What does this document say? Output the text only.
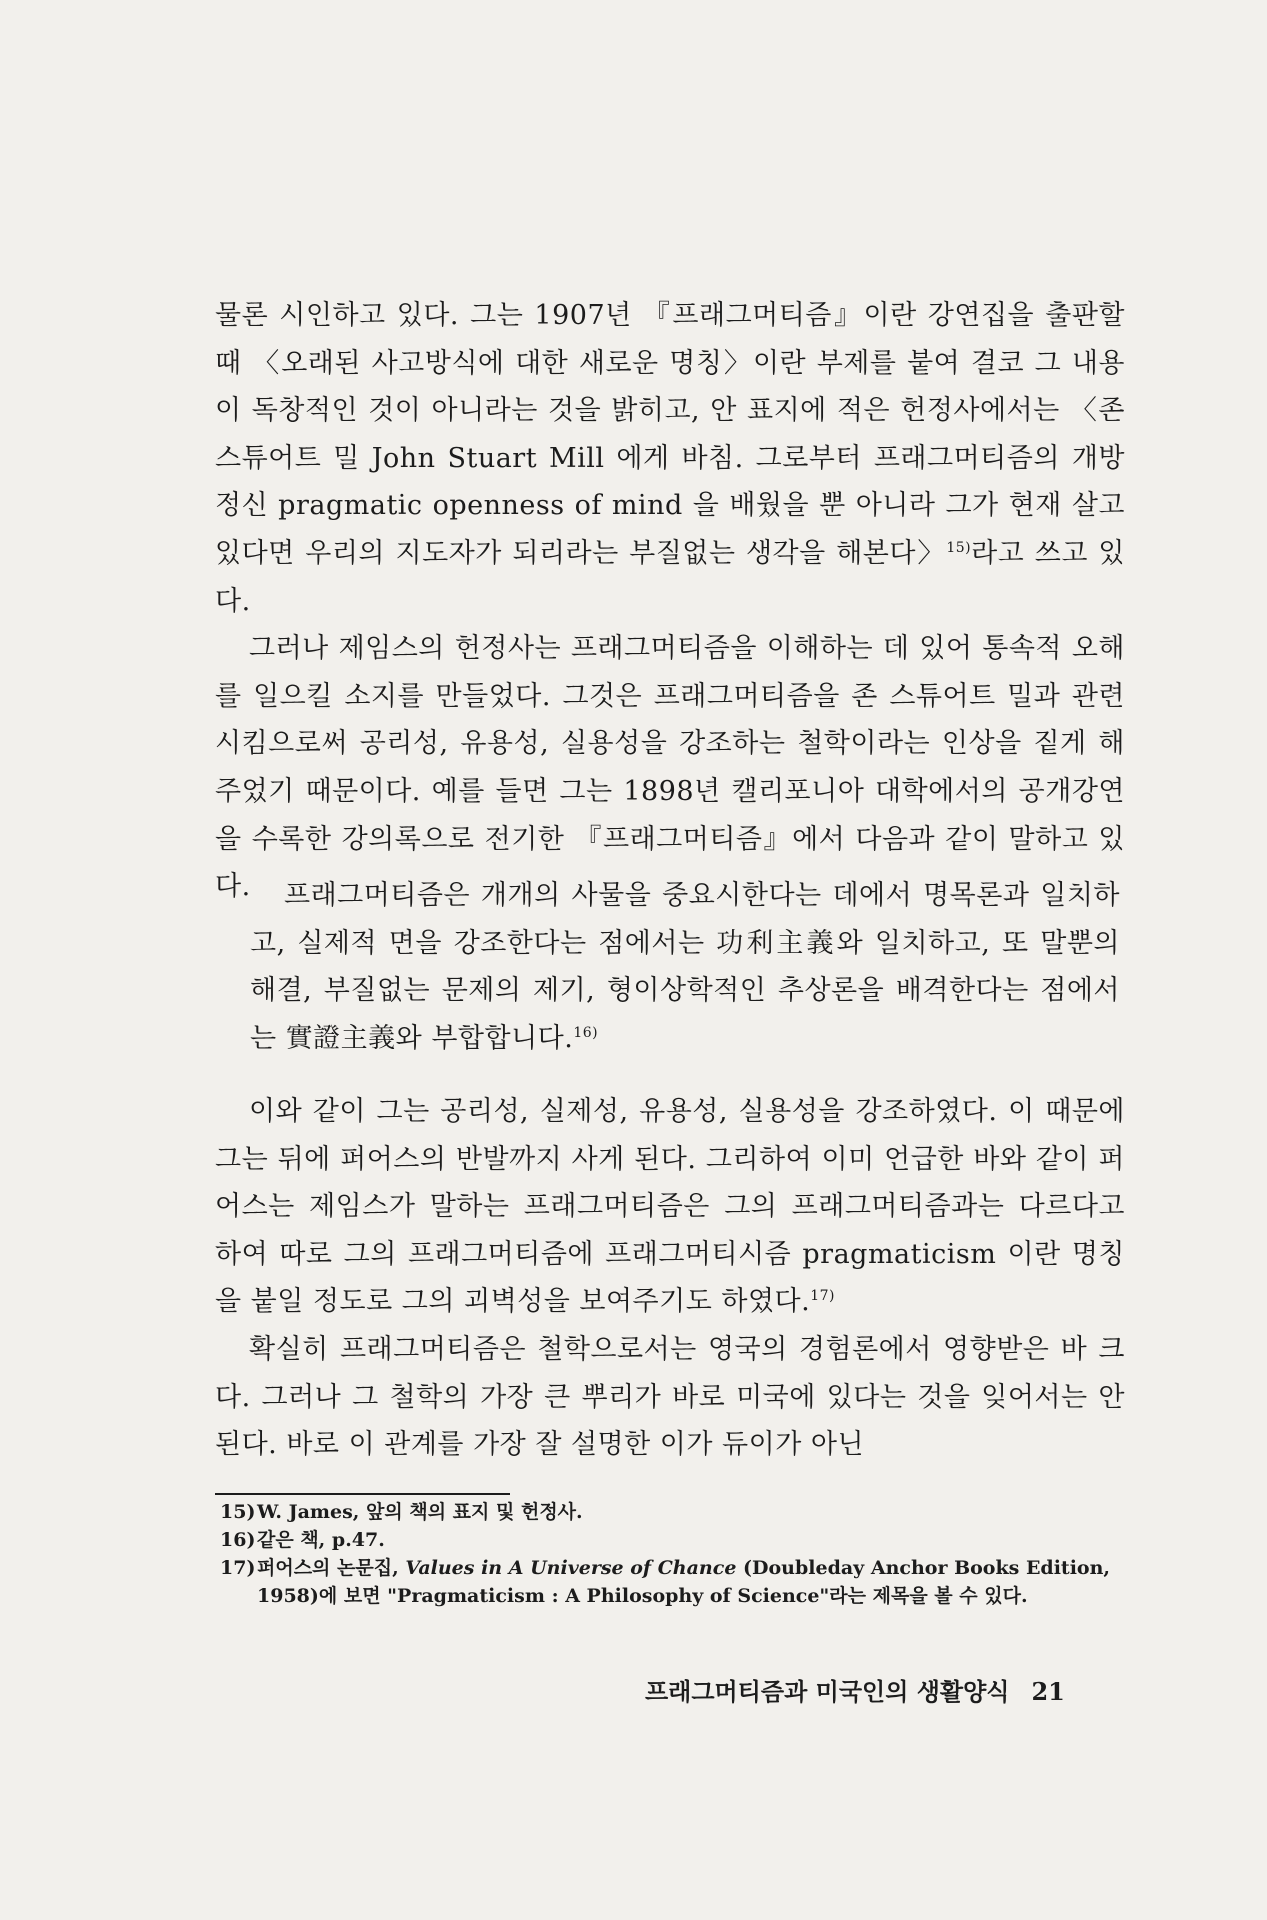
물론 시인하고 있다. 그는 1907년 『프래그머티즘』이란 강연집을 출판할 때 〈오래된 사고방식에 대한 새로운 명칭〉이란 부제를 붙여 결코 그 내용이 독창적인 것이 아니라는 것을 밝히고, 안 표지에 적은 헌정사에서는 〈존 스튜어트 밀 John Stuart Mill 에게 바침. 그로부터 프래그머티즘의 개방정신 pragmatic openness of mind 을 배웠을 뿐 아니라 그가 현재 살고 있다면 우리의 지도자가 되리라는 부질없는 생각을 해본다〉$^{15)}$라고 쓰고 있다.

그러나 제임스의 헌정사는 프래그머티즘을 이해하는 데 있어 통속적 오해를 일으킬 소지를 만들었다. 그것은 프래그머티즘을 존 스튜어트 밀과 관련시킴으로써 공리성, 유용성, 실용성을 강조하는 철학이라는 인상을 짙게 해주었기 때문이다. 예를 들면 그는 1898년 캘리포니아 대학에서의 공개강연을 수록한 강의록으로 전기한 『프래그머티즘』에서 다음과 같이 말하고 있다.	프래그머티즘은 개개의 사물을 중요시한다는 데에서 명목론과 일치하고, 실제적 면을 강조한다는 점에서는 功利主義와 일치하고, 또 말뿐의 해결, 부질없는 문제의 제기, 형이상학적인 추상론을 배격한다는 점에서는 實證主義와 부합합니다.$^{16)}$

이와 같이 그는 공리성, 실제성, 유용성, 실용성을 강조하였다. 이 때문에 그는 뒤에 퍼어스의 반발까지 사게 된다. 그리하여 이미 언급한 바와 같이 퍼어스는 제임스가 말하는 프래그머티즘은 그의 프래그머티즘과는 다르다고 하여 따로 그의 프래그머티즘에 프래그머티시즘 pragmaticism 이란 명칭을 붙일 정도로 그의 괴벽성을 보여주기도 하였다.$^{17)}$

확실히 프래그머티즘은 철학으로서는 영국의 경험론에서 영향받은 바 크다. 그러나 그 철학의 가장 큰 뿌리가 바로 미국에 있다는 것을 잊어서는 안 된다. 바로 이 관계를 가장 잘 설명한 이가 듀이가 아닌

15) W. James, 앞의 책의 표지 및 헌정사.
16) 같은 책, p.47.
17) 퍼어스의 논문집, Values in A Universe of Chance (Doubleday Anchor Books Edition, 1958)에 보면 "Pragmaticism : A Philosophy of Science"라는 제목을 볼 수 있다.
프래그머티즘과 미국인의 생활양식 21
